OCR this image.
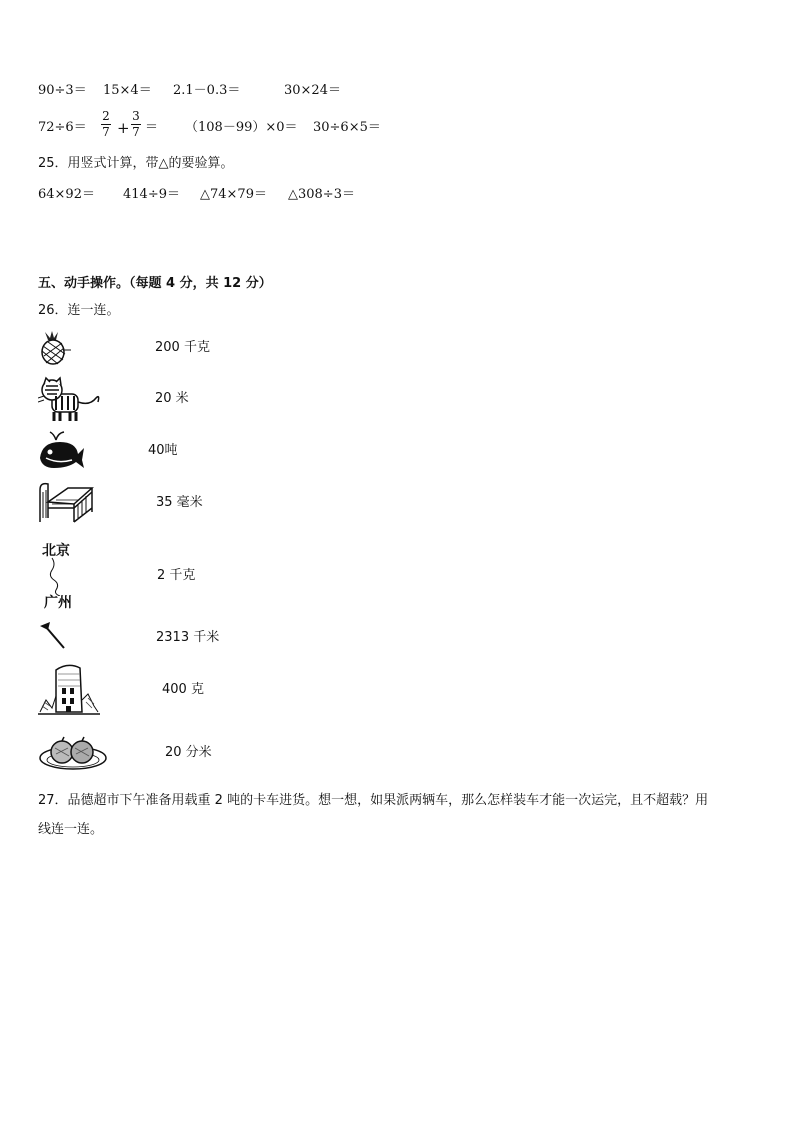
90÷3＝ 15×4＝ 2.1－0.3＝	30×24＝
72÷6＝
2
7 +
3
7 ＝ （108－99）×0＝ 30÷6×5＝
25．用竖式计算，带△的要验算。
64×92＝ 414÷9＝ △74×79＝ △308÷3＝
五、动手操作。（每题 4 分，共 12 分）
26．连一连。
200 千克
20 米
40吨
35 毫米
北京
广州
2 千克
2313 千米
400 克
20 分米
27．品德超市下午准备用载重 2 吨的卡车进货。想一想，如果派两辆车，那么怎样装车才能一次运完，且不超载？用
线连一连。
